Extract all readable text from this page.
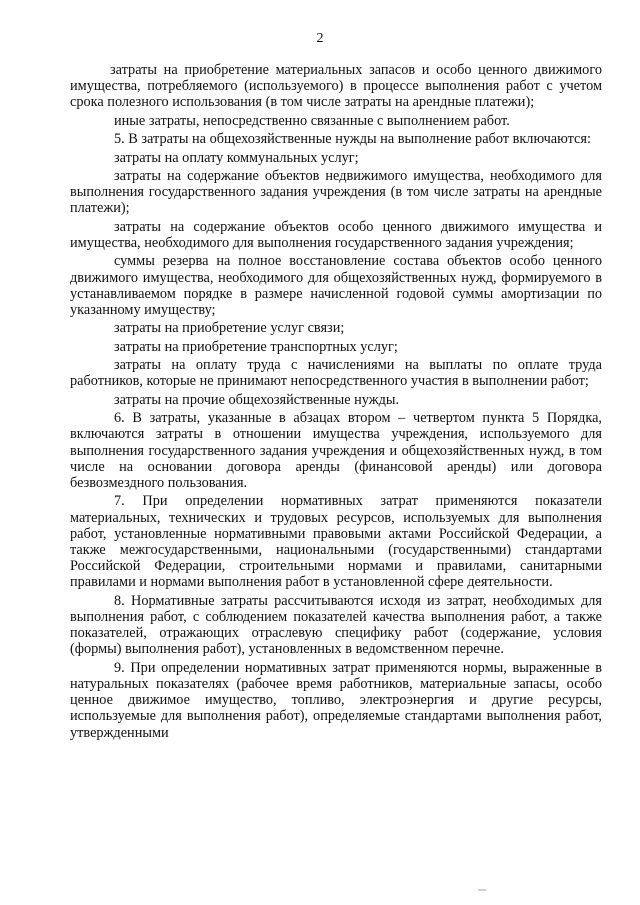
2

затраты на приобретение материальных запасов и особо ценного движимого имущества, потребляемого (используемого) в процессе выполнения работ с учетом срока полезного использования (в том числе затраты на арендные платежи);

иные затраты, непосредственно связанные с выполнением работ.

5. В затраты на общехозяйственные нужды на выполнение работ включаются:

затраты на оплату коммунальных услуг;

затраты на содержание объектов недвижимого имущества, необходимого для выполнения государственного задания учреждения (в том числе затраты на арендные платежи);

затраты на содержание объектов особо ценного движимого имущества и имущества, необходимого для выполнения государственного задания учреждения;

суммы резерва на полное восстановление состава объектов особо ценного движимого имущества, необходимого для общехозяйственных нужд, формируемого в устанавливаемом порядке в размере начисленной годовой суммы амортизации по указанному имуществу;

затраты на приобретение услуг связи;

затраты на приобретение транспортных услуг;

затраты на оплату труда с начислениями на выплаты по оплате труда работников, которые не принимают непосредственного участия в выполнении работ;

затраты на прочие общехозяйственные нужды.

6. В затраты, указанные в абзацах втором – четвертом пункта 5 Порядка, включаются затраты в отношении имущества учреждения, используемого для выполнения государственного задания учреждения и общехозяйственных нужд, в том числе на основании договора аренды (финансовой аренды) или договора безвозмездного пользования.

7. При определении нормативных затрат применяются показатели материальных, технических и трудовых ресурсов, используемых для выполнения работ, установленные нормативными правовыми актами Российской Федерации, а также межгосударственными, национальными (государственными) стандартами Российской Федерации, строительными нормами и правилами, санитарными правилами и нормами выполнения работ в установленной сфере деятельности.

8. Нормативные затраты рассчитываются исходя из затрат, необходимых для выполнения работ, с соблюдением показателей качества выполнения работ, а также показателей, отражающих отраслевую специфику работ (содержание, условия (формы) выполнения работ), установленных в ведомственном перечне.

9. При определении нормативных затрат применяются нормы, выраженные в натуральных показателях (рабочее время работников, материальные запасы, особо ценное движимое имущество, топливо, электроэнергия и другие ресурсы, используемые для выполнения работ), определяемые стандартами выполнения работ, утвержденными
